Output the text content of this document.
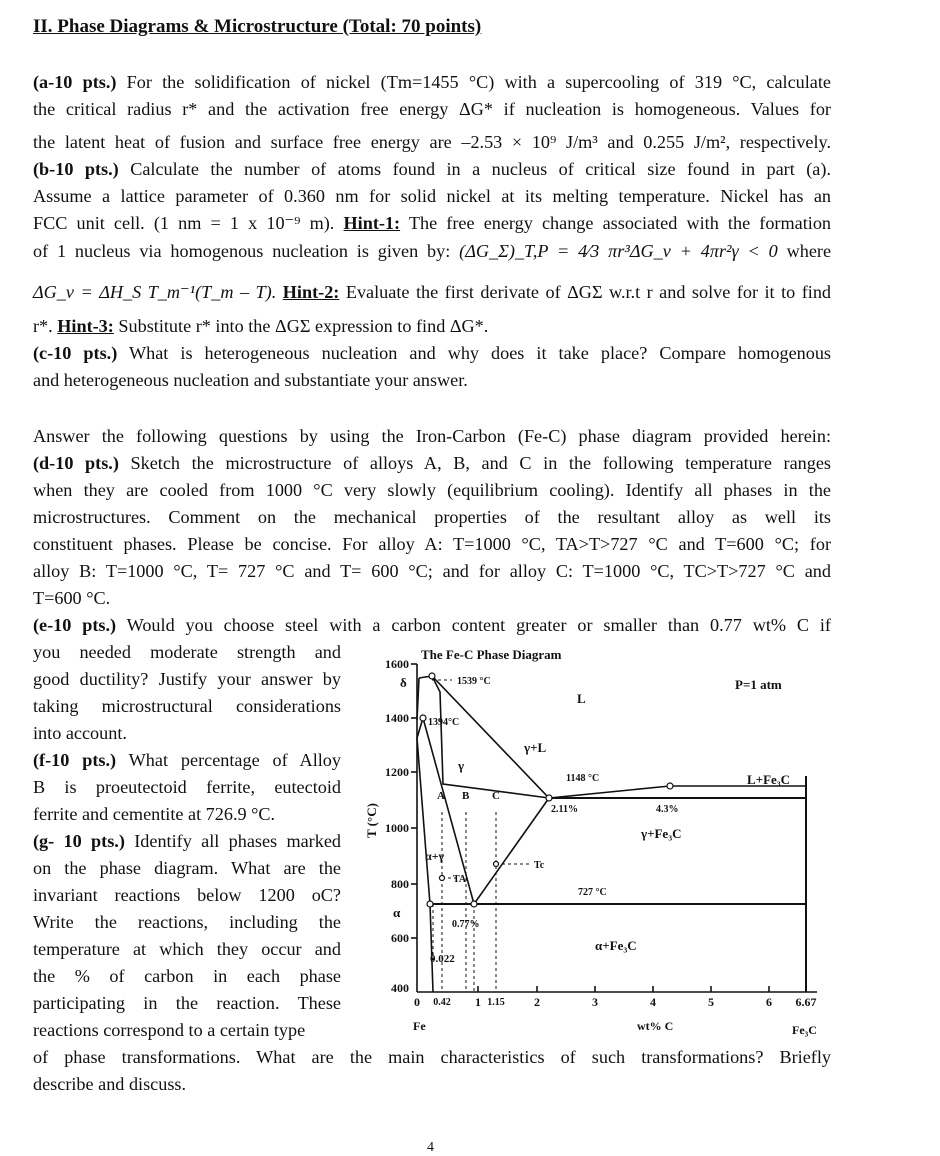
II. Phase Diagrams & Microstructure (Total: 70 points)
(a-10 pts.) For the solidification of nickel (Tm=1455 °C) with a supercooling of 319 °C, calculate
the critical radius r* and the activation free energy ΔG* if nucleation is homogeneous. Values for
the latent heat of fusion and surface free energy are –2.53 × 10⁹ J/m³ and 0.255 J/m², respectively.
(b-10 pts.) Calculate the number of atoms found in a nucleus of critical size found in part (a).
Assume a lattice parameter of 0.360 nm for solid nickel at its melting temperature. Nickel has an
FCC unit cell. (1 nm = 1 x 10⁻⁹ m). Hint-1: The free energy change associated with the formation
of 1 nucleus via homogenous nucleation is given by: (ΔG_Σ)_T,P = 4⁄3 πr³ΔG_v + 4πr²γ < 0 where
ΔG_v = ΔH_S T_m⁻¹(T_m – T). Hint-2: Evaluate the first derivate of ΔGΣ w.r.t r and solve for it to find
r*. Hint-3: Substitute r* into the ΔGΣ expression to find ΔG*.
(c-10 pts.) What is heterogeneous nucleation and why does it take place? Compare homogenous
and heterogeneous nucleation and substantiate your answer.
Answer the following questions by using the Iron-Carbon (Fe-C) phase diagram provided herein:
(d-10 pts.) Sketch the microstructure of alloys A, B, and C in the following temperature ranges
when they are cooled from 1000 °C very slowly (equilibrium cooling). Identify all phases in the
microstructures. Comment on the mechanical properties of the resultant alloy as well its
constituent phases. Please be concise. For alloy A: T=1000 °C, TA>T>727 °C and T=600 °C; for
alloy B: T=1000 °C, T= 727 °C and T= 600 °C; and for alloy C: T=1000 °C, TC>T>727 °C and
T=600 °C.
(e-10 pts.) Would you choose steel with a carbon content greater or smaller than 0.77 wt% C if
you needed moderate strength and
good ductility? Justify your answer by
taking microstructural considerations
into account.
(f-10 pts.) What percentage of Alloy
B is proeutectoid ferrite, eutectoid
ferrite and cementite at 726.9 °C.
(g- 10 pts.) Identify all phases marked
on the phase diagram. What are the
invariant reactions below 1200 oC?
Write the reactions, including the
temperature at which they occur and
the % of carbon in each phase
participating in the reaction. These
reactions correspond to a certain type
of phase transformations. What are the main characteristics of such transformations? Briefly
describe and discuss.
The Fe-C Phase Diagram
P=1 atm
1600
1400
1200
1000
800
600
400
T (°C)
0 0.42 1 1.15 2	3	4	5	6 6.67
wt% C
Fe	Fe₃C
δ	1539 °C
1394°C
1148 °C
727 °C
2.11%	4.3%
0.77%
0.022
L
γ+L
γ
L+Fe₃C
γ+Fe₃C
α+γ
α
α+Fe₃C
A B C
TA
Tc
4
